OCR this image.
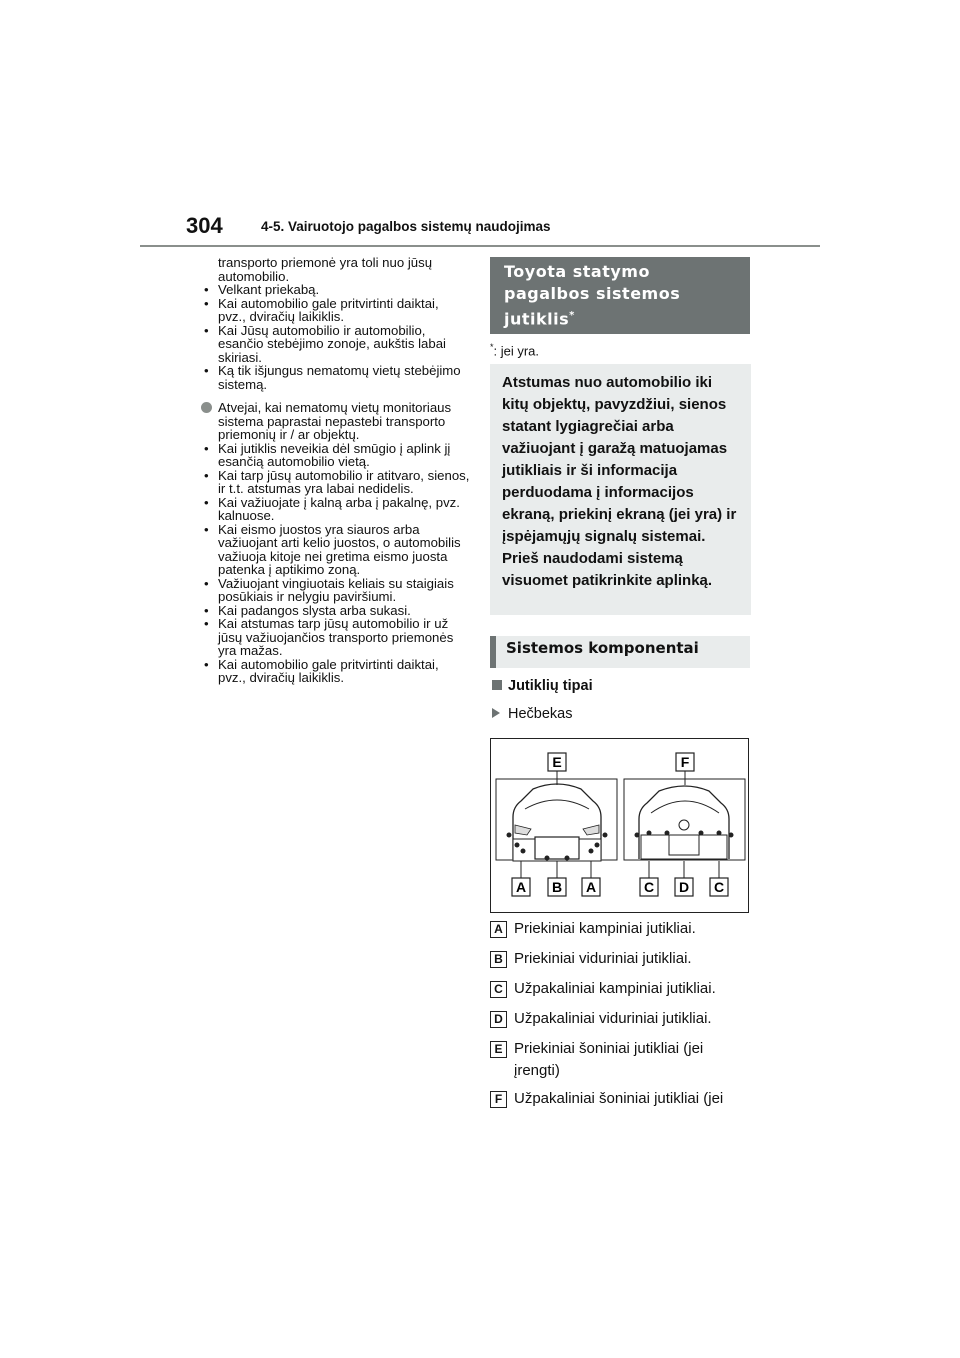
304	4-5. Vairuotojo pagalbos sistemų naudojimas
transporto priemonė yra toli nuo jūsų automobilio.
• Velkant priekabą.
• Kai automobilio gale pritvirtinti daiktai, pvz., dviračių laikiklis.
• Kai Jūsų automobilio ir automobilio, esančio stebėjimo zonoje, aukštis labai skiriasi.
• Ką tik išjungus nematomų vietų stebėjimo sistemą.
Atvejai, kai nematomų vietų monitoriaus sistema paprastai nepastebi transporto priemonių ir / ar objektų.
• Kai jutiklis neveikia dėl smūgio į aplink jį esančią automobilio vietą.
• Kai tarp jūsų automobilio ir atitvaro, sienos, ir t.t. atstumas yra labai nedidelis.
• Kai važiuojate į kalną arba į pakalnę, pvz. kalnuose.
• Kai eismo juostos yra siauros arba važiuojant arti kelio juostos, o automobilis važiuoja kitoje nei gretima eismo juosta patenka į aptikimo zoną.
• Važiuojant vingiuotais keliais su staigiais posūkiais ir nelygiu paviršiumi.
• Kai padangos slysta arba sukasi.
• Kai atstumas tarp jūsų automobilio ir už jūsų važiuojančios transporto priemonės yra mažas.
• Kai automobilio gale pritvirtinti daiktai, pvz., dviračių laikiklis.
Toyota statymo
pagalbos sistemos
jutiklis*
*: jei yra.
Atstumas nuo automobilio iki kitų objektų, pavyzdžiui, sienos statant lygiagrečiai arba važiuojant į garažą matuojamas jutikliais ir ši informacija perduodama į informacijos ekraną, priekinį ekraną (jei yra) ir įspėjamųjų signalų sistemai. Prieš naudodami sistemą visuomet patikrinkite aplinką.
Sistemos komponentai
Jutiklių tipai
Hečbekas
E	F
A B A	C D C
A Priekiniai kampiniai jutikliai.
B Priekiniai viduriniai jutikliai.
C Užpakaliniai kampiniai jutikliai.
D Užpakaliniai viduriniai jutikliai.
E Priekiniai šoniniai jutikliai (jei įrengti)
F Užpakaliniai šoniniai jutikliai (jei
